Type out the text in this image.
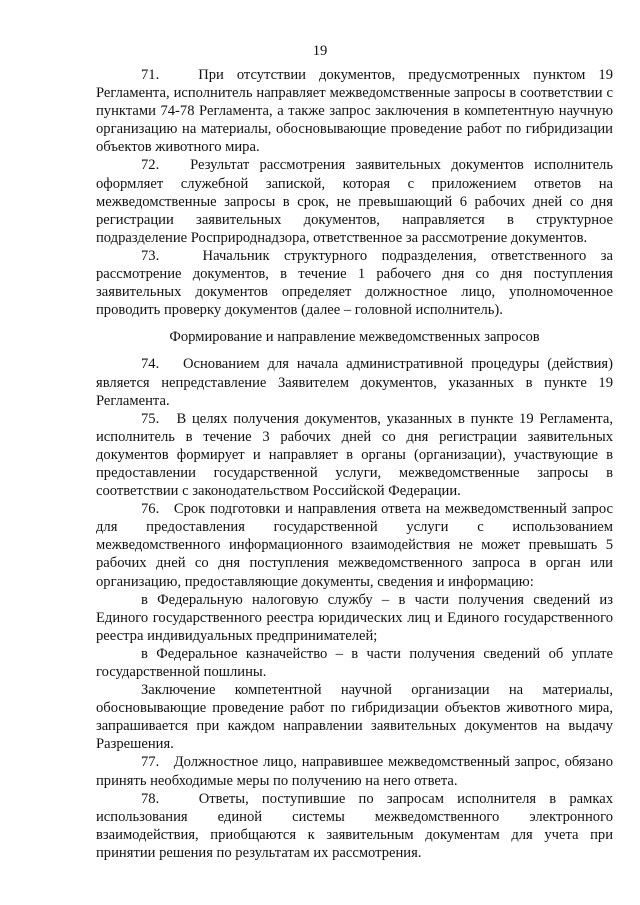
19

71.   При отсутствии документов, предусмотренных пунктом 19 Регламента, исполнитель направляет межведомственные запросы в соответствии с пунктами 74-78 Регламента, а также запрос заключения в компетентную научную организацию на материалы, обосновывающие проведение работ по гибридизации объектов животного мира.

72.   Результат рассмотрения заявительных документов исполнитель оформляет служебной запиской, которая с приложением ответов на межведомственные запросы в срок, не превышающий 6 рабочих дней со дня регистрации заявительных документов, направляется в структурное подразделение Росприроднадзора, ответственное за рассмотрение документов.

73.   Начальник структурного подразделения, ответственного за рассмотрение документов, в течение 1 рабочего дня со дня поступления заявительных документов определяет должностное лицо, уполномоченное проводить проверку документов (далее – головной исполнитель).

Формирование и направление межведомственных запросов

74.   Основанием для начала административной процедуры (действия) является непредставление Заявителем документов, указанных в пункте 19 Регламента.

75.   В целях получения документов, указанных в пункте 19 Регламента, исполнитель в течение 3 рабочих дней со дня регистрации заявительных документов формирует и направляет в органы (организации), участвующие в предоставлении государственной услуги, межведомственные запросы в соответствии с законодательством Российской Федерации.

76.   Срок подготовки и направления ответа на межведомственный запрос для предоставления государственной услуги с использованием межведомственного информационного взаимодействия не может превышать 5 рабочих дней со дня поступления межведомственного запроса в орган или организацию, предоставляющие документы, сведения и информацию:

в Федеральную налоговую службу – в части получения сведений из Единого государственного реестра юридических лиц и Единого государственного реестра индивидуальных предпринимателей;

в Федеральное казначейство – в части получения сведений об уплате государственной пошлины.

Заключение компетентной научной организации на материалы, обосновывающие проведение работ по гибридизации объектов животного мира, запрашивается при каждом направлении заявительных документов на выдачу Разрешения.

77.   Должностное лицо, направившее межведомственный запрос, обязано принять необходимые меры по получению на него ответа.

78.   Ответы, поступившие по запросам исполнителя в рамках использования единой системы межведомственного электронного взаимодействия, приобщаются к заявительным документам для учета при принятии решения по результатам их рассмотрения.
